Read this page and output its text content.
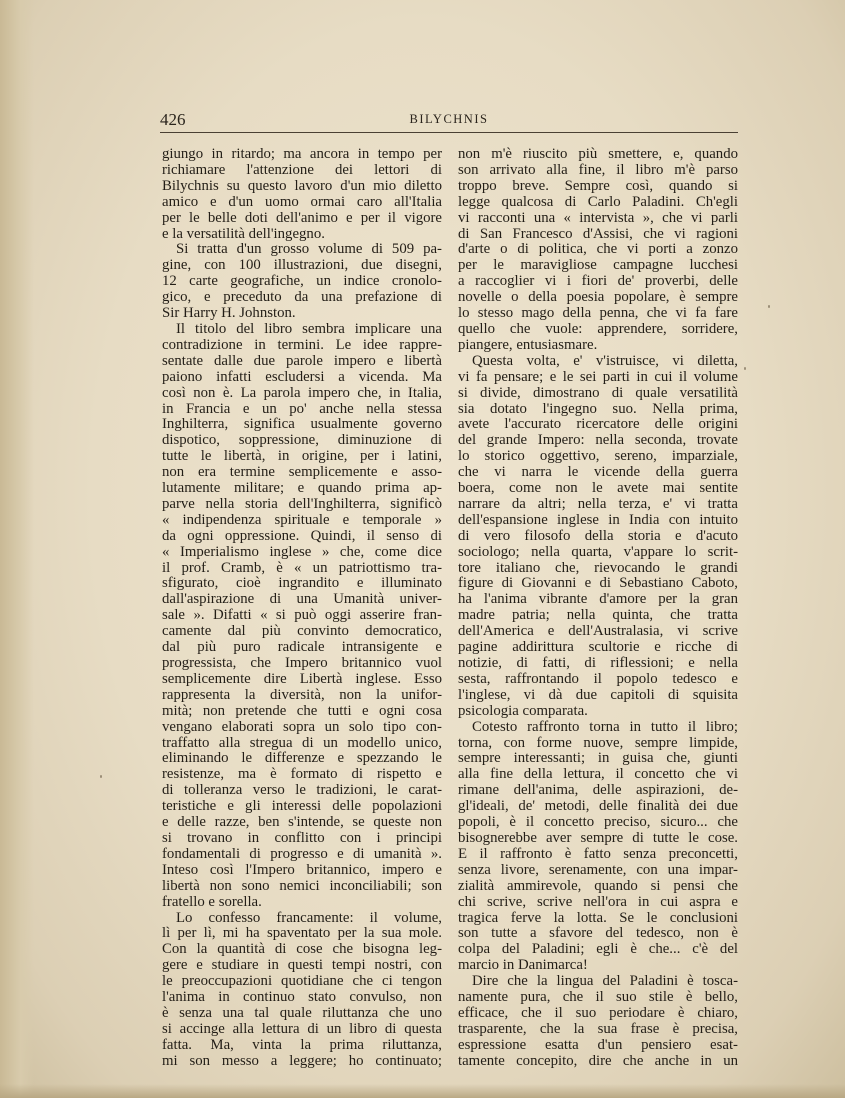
426	BILYCHNIS
giungo in ritardo; ma ancora in tempo per
richiamare l'attenzione dei lettori di
Bilychnis su questo lavoro d'un mio diletto
amico e d'un uomo ormai caro all'Italia
per le belle doti dell'animo e per il vigore
e la versatilità dell'ingegno.
Si tratta d'un grosso volume di 509 pa-
gine, con 100 illustrazioni, due disegni,
12 carte geografiche, un indice cronolo-
gico, e preceduto da una prefazione di
Sir Harry H. Johnston.
Il titolo del libro sembra implicare una
contradizione in termini. Le idee rappre-
sentate dalle due parole impero e libertà
paiono infatti escludersi a vicenda. Ma
così non è. La parola impero che, in Italia,
in Francia e un po' anche nella stessa
Inghilterra, significa usualmente governo
dispotico, soppressione, diminuzione di
tutte le libertà, in origine, per i latini,
non era termine semplicemente e asso-
lutamente militare; e quando prima ap-
parve nella storia dell'Inghilterra, significò
« indipendenza spirituale e temporale »
da ogni oppressione. Quindi, il senso di
« Imperialismo inglese » che, come dice
il prof. Cramb, è « un patriottismo tra-
sfigurato, cioè ingrandito e illuminato
dall'aspirazione di una Umanità univer-
sale ». Difatti « si può oggi asserire fran-
camente dal più convinto democratico,
dal più puro radicale intransigente e
progressista, che Impero britannico vuol
semplicemente dire Libertà inglese. Esso
rappresenta la diversità, non la unifor-
mità; non pretende che tutti e ogni cosa
vengano elaborati sopra un solo tipo con-
traffatto alla stregua di un modello unico,
eliminando le differenze e spezzando le
resistenze, ma è formato di rispetto e
di tolleranza verso le tradizioni, le carat-
teristiche e gli interessi delle popolazioni
e delle razze, ben s'intende, se queste non
si trovano in conflitto con i principi
fondamentali di progresso e di umanità ».
Inteso così l'Impero britannico, impero e
libertà non sono nemici inconciliabili; son
fratello e sorella.
Lo confesso francamente: il volume,
lì per lì, mi ha spaventato per la sua mole.
Con la quantità di cose che bisogna leg-
gere e studiare in questi tempi nostri, con
le preoccupazioni quotidiane che ci tengon
l'anima in continuo stato convulso, non
è senza una tal quale riluttanza che uno
si accinge alla lettura di un libro di questa
fatta. Ma, vinta la prima riluttanza,
mi son messo a leggere; ho continuato;
non m'è riuscito più smettere, e, quando
son arrivato alla fine, il libro m'è parso
troppo breve. Sempre così, quando si
legge qualcosa di Carlo Paladini. Ch'egli
vi racconti una « intervista », che vi parli
di San Francesco d'Assisi, che vi ragioni
d'arte o di politica, che vi porti a zonzo
per le maravigliose campagne lucchesi
a raccoglier vi i fiori de' proverbi, delle
novelle o della poesia popolare, è sempre
lo stesso mago della penna, che vi fa fare
quello che vuole: apprendere, sorridere,
piangere, entusiasmare.
Questa volta, e' v'istruisce, vi diletta,
vi fa pensare; e le sei parti in cui il volume
si divide, dimostrano di quale versatilità
sia dotato l'ingegno suo. Nella prima,
avete l'accurato ricercatore delle origini
del grande Impero: nella seconda, trovate
lo storico oggettivo, sereno, imparziale,
che vi narra le vicende della guerra
boera, come non le avete mai sentite
narrare da altri; nella terza, e' vi tratta
dell'espansione inglese in India con intuito
di vero filosofo della storia e d'acuto
sociologo; nella quarta, v'appare lo scrit-
tore italiano che, rievocando le grandi
figure di Giovanni e di Sebastiano Caboto,
ha l'anima vibrante d'amore per la gran
madre patria; nella quinta, che tratta
dell'America e dell'Australasia, vi scrive
pagine addirittura scultorie e ricche di
notizie, di fatti, di riflessioni; e nella
sesta, raffrontando il popolo tedesco e
l'inglese, vi dà due capitoli di squisita
psicologia comparata.
Cotesto raffronto torna in tutto il libro;
torna, con forme nuove, sempre limpide,
sempre interessanti; in guisa che, giunti
alla fine della lettura, il concetto che vi
rimane dell'anima, delle aspirazioni, de-
gl'ideali, de' metodi, delle finalità dei due
popoli, è il concetto preciso, sicuro... che
bisognerebbe aver sempre di tutte le cose.
E il raffronto è fatto senza preconcetti,
senza livore, serenamente, con una impar-
zialità ammirevole, quando si pensi che
chi scrive, scrive nell'ora in cui aspra e
tragica ferve la lotta. Se le conclusioni
son tutte a sfavore del tedesco, non è
colpa del Paladini; egli è che... c'è del
marcio in Danimarca!
Dire che la lingua del Paladini è tosca-
namente pura, che il suo stile è bello,
efficace, che il suo periodare è chiaro,
trasparente, che la sua frase è precisa,
espressione esatta d'un pensiero esat-
tamente concepito, dire che anche in un
